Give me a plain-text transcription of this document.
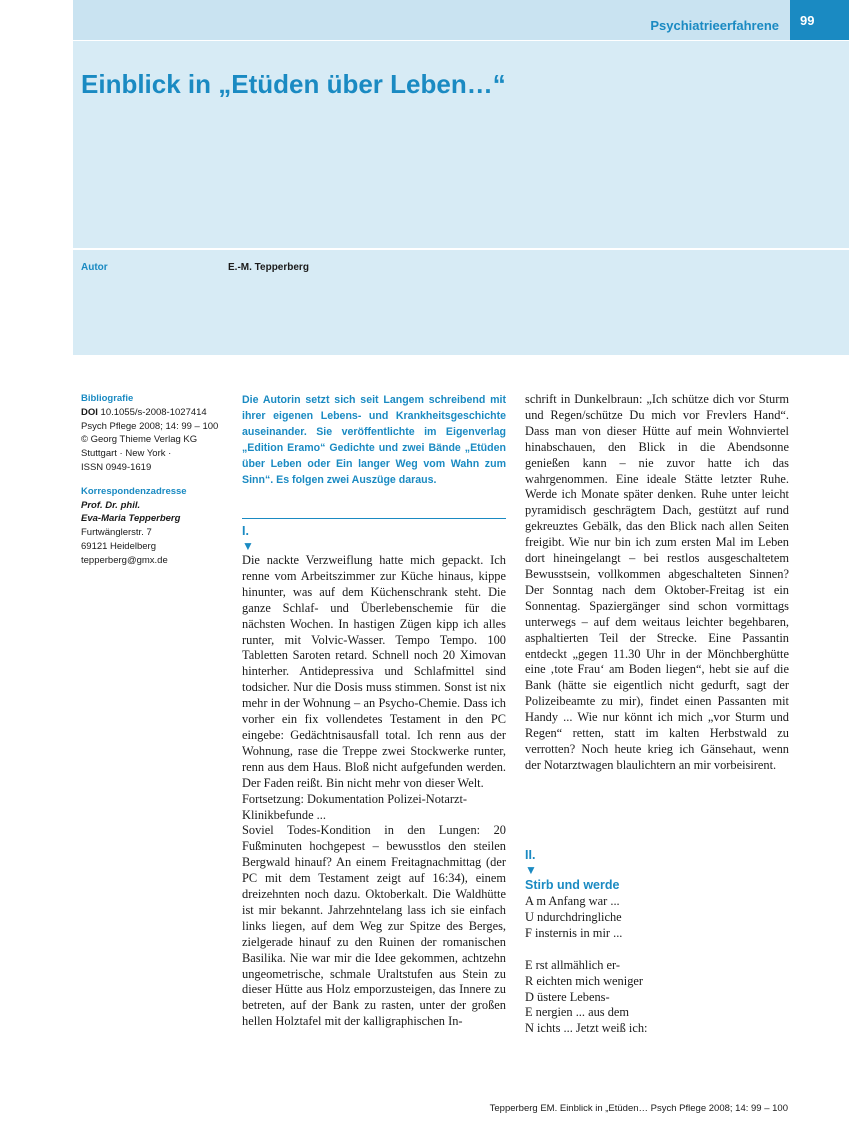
Psychiatrieerfahrene	99
Einblick in „Etüden über Leben…“
Autor	E.-M. Tepperberg
Bibliografie
DOI 10.1055/s-2008-1027414
Psych Pflege 2008; 14: 99 – 100
© Georg Thieme Verlag KG
Stuttgart · New York ·
ISSN 0949-1619
Korrespondenzadresse
Prof. Dr. phil.
Eva-Maria Tepperberg
Furtwänglerstr. 7
69121 Heidelberg
tepperberg@gmx.de
Die Autorin setzt sich seit Langem schreibend mit ihrer eigenen Lebens- und Krankheitsgeschichte auseinander. Sie veröffentlichte im Eigenverlag „Edition Eramo“ Gedichte und zwei Bände „Etüden über Leben oder Ein langer Weg vom Wahn zum Sinn“. Es folgen zwei Auszüge daraus.
I.
▼

Die nackte Verzweiflung hatte mich gepackt. Ich renne vom Arbeitszimmer zur Küche hinaus, kippe hinunter, was auf dem Küchenschrank steht. Die ganze Schlaf- und Überlebenschemie für die nächsten Wochen. In hastigen Zügen kipp ich alles runter, mit Volvic-Wasser. Tempo Tempo. 100 Tabletten Saroten retard. Schnell noch 20 Ximovan hinterher. Antidepressiva und Schlafmittel sind todsicher. Nur die Dosis muss stimmen. Sonst ist nix mehr in der Wohnung – an Psycho-Chemie. Dass ich vorher ein fix vollendetes Testament in den PC eingebe: Gedächtnisausfall total. Ich renn aus der Wohnung, rase die Treppe zwei Stockwerke runter, renn aus dem Haus. Bloß nicht aufgefunden werden. Der Faden reißt. Bin nicht mehr von dieser Welt.

Fortsetzung: Dokumentation Polizei-Notarzt-Klinikbefunde ...

Soviel Todes-Kondition in den Lungen: 20 Fußminuten hochgepest – bewusstlos den steilen Bergwald hinauf? An einem Freitagnachmittag (der PC mit dem Testament zeigt auf 16:34), einem dreizehnten noch dazu. Oktoberkalt. Die Waldhütte ist mir bekannt. Jahrzehntelang lass ich sie einfach links liegen, auf dem Weg zur Spitze des Berges, zielgerade hinauf zu den Ruinen der romanischen Basilika. Nie war mir die Idee gekommen, achtzehn ungeometrische, schmale Uraltstufen aus Stein zu dieser Hütte aus Holz emporzusteigen, das Innere zu betreten, auf der Bank zu rasten, unter der großen hellen Holztafel mit der kalligraphischen In-

schrift in Dunkelbraun: „Ich schütze dich vor Sturm und Regen/schütze Du mich vor Frevlers Hand“. Dass man von dieser Hütte auf mein Wohnviertel hinabschauen, den Blick in die Abendsonne genießen kann – nie zuvor hatte ich das wahrgenommen. Eine ideale Stätte letzter Ruhe. Werde ich Monate später denken. Ruhe unter leicht pyramidisch geschrägtem Dach, gestützt auf rund gekreuztes Gebälk, das den Blick nach allen Seiten freigibt. Wie nur bin ich zum ersten Mal im Leben dort hineingelangt – bei restlos ausgeschaltetem Bewusstsein, vollkommen abgeschalteten Sinnen? Der Sonntag nach dem Oktober-Freitag ist ein Sonnentag. Spaziergänger sind schon vormittags unterwegs – auf dem weitaus leichter begehbaren, asphaltierten Teil der Strecke. Eine Passantin entdeckt „gegen 11.30 Uhr in der Mönchberghütte eine ‚tote Frau‘ am Boden liegen“, hebt sie auf die Bank (hätte sie eigentlich nicht gedurft, sagt der Polizeibeamte zu mir), findet einen Passanten mit Handy ... Wie nur könnt ich mich „vor Sturm und Regen“ retten, statt im kalten Herbstwald zu verrotten? Noch heute krieg ich Gänsehaut, wenn der Notarztwagen blaulichtern an mir vorbeisirent.

II.
▼
Stirb und werde
A m Anfang war ...
U ndurchdringliche
F insternis in mir ...
E rst allmählich er-
R eichten mich weniger
D üstere Lebens-
E nergien ... aus dem
N ichts ... Jetzt weiß ich:
Tepperberg EM. Einblick in „Etüden… Psych Pflege 2008; 14: 99 – 100
